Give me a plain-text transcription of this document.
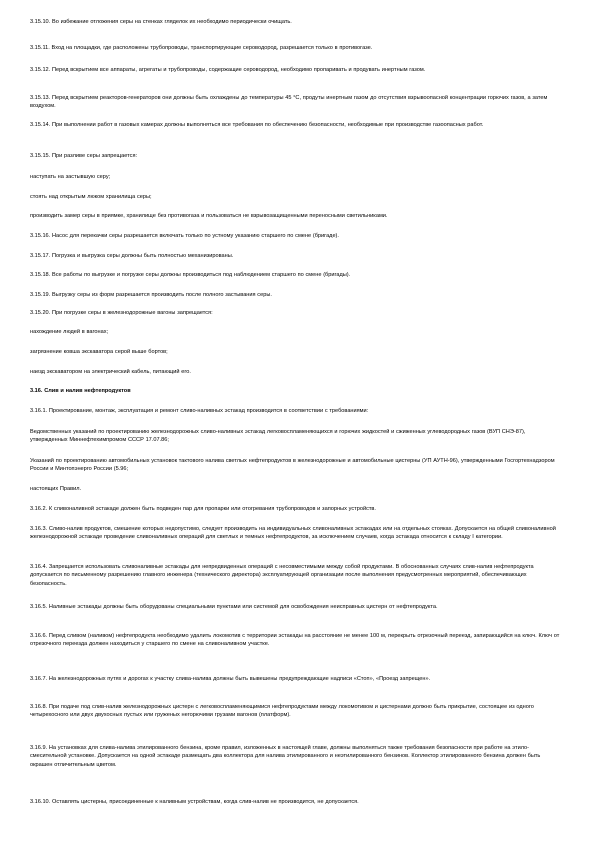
3.15.10. Во избежание отложения серы на стенках гляделок их необходимо периодически очищать.

3.15.11. Вход на площадки, где расположены трубопроводы, транспортирующие сероводород, разрешается только в противогазе.

3.15.12. Перед вскрытием все аппараты, агрегаты и трубопроводы, содержащие сероводород, необходимо пропаривать и продувать инертным газом.

3.15.13. Перед вскрытием реакторов-генераторов они должны быть охлаждены до температуры 45 °С, продуты инертным газом до отсутствия взрывоопасной концентрации горючих газов, а затем воздухом.

3.15.14. При выполнении работ в газовых камерах должны выполняться все требования по обеспечению безопасности, необходимые при производстве газоопасных работ.

3.15.15. При разливе серы запрещается:

наступать на застывшую серу;

стоять над открытым люком хранилища серы;

производить замер серы в приямке, хранилище без противогаза и пользоваться не взрывозащищенными переносными светильниками.

3.15.16. Насос для перекачки серы разрешается включать только по устному указанию старшего по смене (бригаде).

3.15.17. Погрузка и выгрузка серы должны быть полностью механизированы.

3.15.18. Все работы по выгрузке и погрузке серы должны производиться под наблюдением старшего по смене (бригады).

3.15.19. Выгрузку серы из форм разрешается производить после полного застывания серы.

3.15.20. При погрузке серы в железнодорожные вагоны запрещается:

нахождение людей в вагонах;

загрязнение ковша экскаватора серой выше бортов;

наезд экскаватором на электрический кабель, питающий его.

3.16. Слив и налив нефтепродуктов

3.16.1. Проектирование, монтаж, эксплуатация и ремонт сливо-наливных эстакад производится в соответствии с требованиями:

Ведомственных указаний по проектированию железнодорожных сливо-наливных эстакад легковоспламеняющихся и горючих жидкостей и сжиженных углеводородных газов (ВУП СНЭ-87), утвержденных Миннефтехимпромом СССР 17.07.86;

Указаний по проектированию автомобильных установок тактового налива светлых нефтепродуктов в железнодорожные и автомобильные цистерны (УП АУТН-96), утвержденными Госгортехнадзором России и Минтопэнерго России (5.96;

настоящих Правил.

3.16.2. К сливоналивной эстакаде должен быть подведен пар для пропарки или отогревания трубопроводов и запорных устройств.

3.16.3. Сливо-налив продуктов, смешение которых недопустимо, следует производить на индивидуальных сливоналивных эстакадах или на отдельных стояках. Допускается на общей сливоналивной железнодорожной эстакаде проведение сливоналивных операций для светлых и темных нефтепродуктов, за исключением случаев, когда эстакада относится к складу I категории.

3.16.4. Запрещается использовать сливоналивные эстакады для непредвиденных операций с несовместимыми между собой продуктами. В обоснованных случаях слив-налив нефтепродукта допускается по письменному разрешению главного инженера (технического директора) эксплуатирующей организации после выполнения предусмотренных мероприятий, обеспечивающих безопасность.

3.16.5. Наливные эстакады должны быть оборудованы специальными пунктами или системой для освобождения неисправных цистерн от нефтепродукта.

3.16.6. Перед сливом (наливом) нефтепродукта необходимо удалить локомотив с территории эстакады на расстояние не менее 100 м, перекрыть отрезочный переезд, запирающийся на ключ. Ключ от отрезочного переезда должен находиться у старшего по смене на сливоналивном участке.

3.16.7. На железнодорожных путях и дорогах к участку слива-налива должны быть вывешены предупреждающие надписи «Стоп», «Проезд запрещен».

3.16.8. При подаче под слив-налив железнодорожных цистерн с легковоспламеняющимися нефтепродуктами между локомотивом и цистернами должно быть прикрытие, состоящее из одного четырехосного или двух двухосных пустых или груженых негорючими грузами вагонов (платформ).

3.16.9. На установках для слива-налива этилированного бензина, кроме правил, изложенных в настоящей главе, должны выполняться также требования безопасности при работе на этило-смесительной установке. Допускается на одной эстакаде размещать два коллектора для налива этилированного и неэтилированного бензинов. Коллектор этилированного бензина должен быть окрашен отличительным цветом.

3.16.10. Оставлять цистерны, присоединенные к наливным устройствам, когда слив-налив не производится, не допускается.
